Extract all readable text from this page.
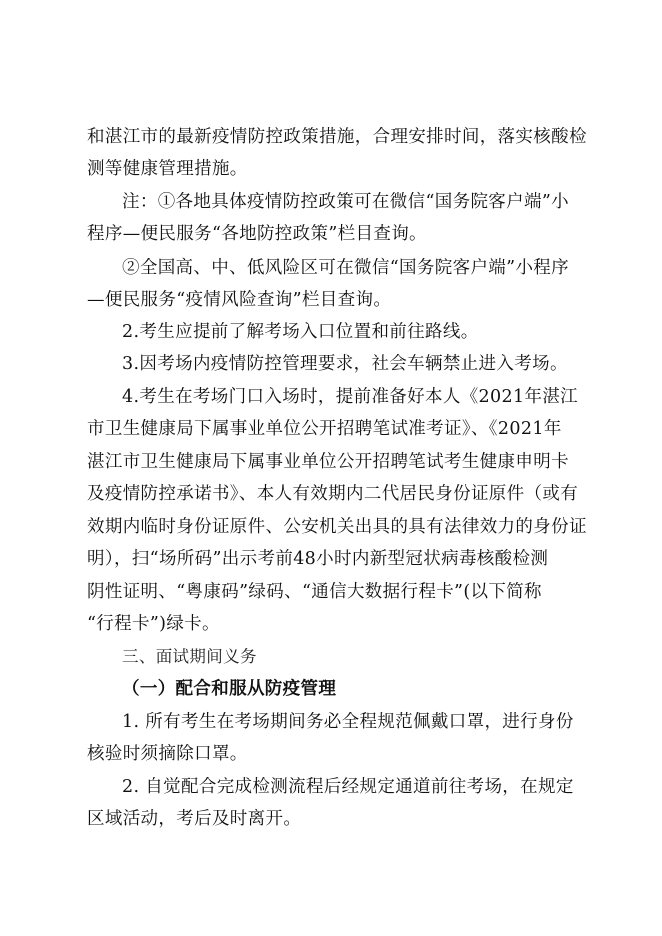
和湛江市的最新疫情防控政策措施，合理安排时间，落实核酸检
测等健康管理措施。
注：①各地具体疫情防控政策可在微信“国务院客户端”小
程序—便民服务“各地防控政策”栏目查询。
②全国高、中、低风险区可在微信“国务院客户端”小程序
—便民服务“疫情风险查询”栏目查询。
2.考生应提前了解考场入口位置和前往路线。
3.因考场内疫情防控管理要求，社会车辆禁止进入考场。
4.考生在考场门口入场时，提前准备好本人《2021年湛江
市卫生健康局下属事业单位公开招聘笔试准考证》、《2021年
湛江市卫生健康局下属事业单位公开招聘笔试考生健康申明卡
及疫情防控承诺书》、本人有效期内二代居民身份证原件（或有
效期内临时身份证原件、公安机关出具的具有法律效力的身份证
明），扫“场所码”出示考前48小时内新型冠状病毒核酸检测
阴性证明、“粤康码”绿码、“通信大数据行程卡”(以下简称
“行程卡”)绿卡。
三、面试期间义务
（一）配合和服从防疫管理
1. 所有考生在考场期间务必全程规范佩戴口罩，进行身份
核验时须摘除口罩。
2. 自觉配合完成检测流程后经规定通道前往考场，在规定
区域活动，考后及时离开。
